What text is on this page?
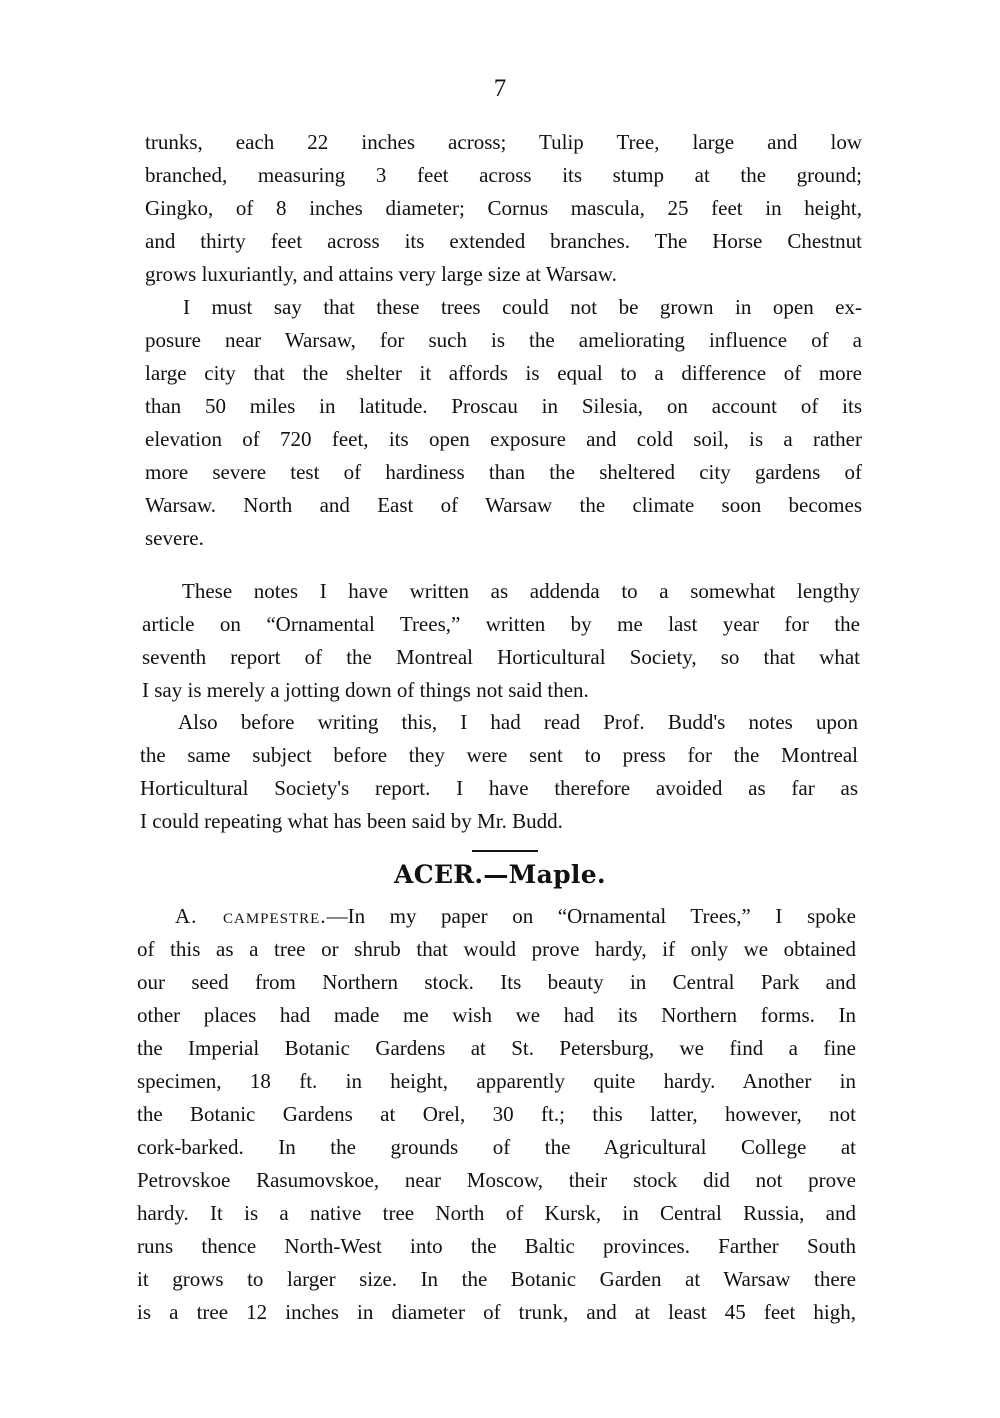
7
trunks, each 22 inches across; Tulip Tree, large and low
branched, measuring 3 feet across its stump at the ground;
Gingko, of 8 inches diameter; Cornus mascula, 25 feet in height,
and thirty feet across its extended branches. The Horse Chestnut
grows luxuriantly, and attains very large size at Warsaw.
I must say that these trees could not be grown in open ex-
posure near Warsaw, for such is the ameliorating influence of a
large city that the shelter it affords is equal to a difference of more
than 50 miles in latitude. Proscau in Silesia, on account of its
elevation of 720 feet, its open exposure and cold soil, is a rather
more severe test of hardiness than the sheltered city gardens of
Warsaw. North and East of Warsaw the climate soon becomes
severe.
These notes I have written as addenda to a somewhat lengthy
article on “Ornamental Trees,” written by me last year for the
seventh report of the Montreal Horticultural Society, so that what
I say is merely a jotting down of things not said then.
Also before writing this, I had read Prof. Budd's notes upon
the same subject before they were sent to press for the Montreal
Horticultural Society's report. I have therefore avoided as far as
I could repeating what has been said by Mr. Budd.
ACER.—Maple.
A. campestre.—In my paper on “Ornamental Trees,” I spoke
of this as a tree or shrub that would prove hardy, if only we obtained
our seed from Northern stock. Its beauty in Central Park and
other places had made me wish we had its Northern forms. In
the Imperial Botanic Gardens at St. Petersburg, we find a fine
specimen, 18 ft. in height, apparently quite hardy. Another in
the Botanic Gardens at Orel, 30 ft.; this latter, however, not
cork-barked. In the grounds of the Agricultural College at
Petrovskoe Rasumovskoe, near Moscow, their stock did not prove
hardy. It is a native tree North of Kursk, in Central Russia, and
runs thence North-West into the Baltic provinces. Farther South
it grows to larger size. In the Botanic Garden at Warsaw there
is a tree 12 inches in diameter of trunk, and at least 45 feet high,
